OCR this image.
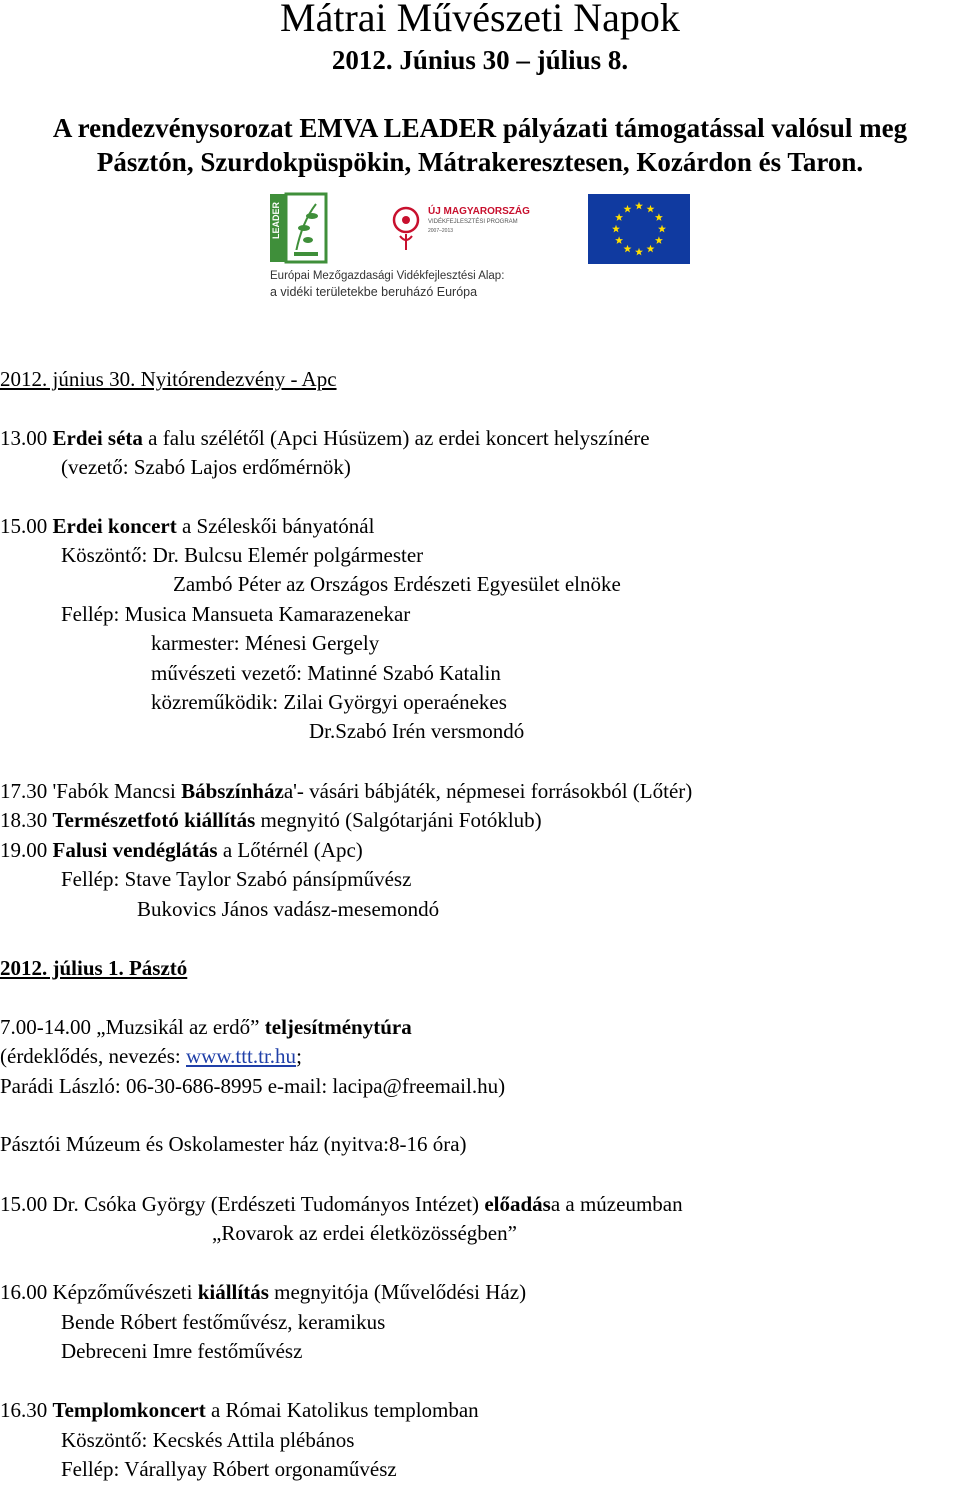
Mátrai Művészeti Napok
2012. Június 30 – július 8.
A rendezvénysorozat EMVA LEADER pályázati támogatással valósul meg
Pásztón, Szurdokpüspökin, Mátrakeresztesen, Kozárdon és Taron.
LEADER	ÚJ MAGYARORSZÁG
VIDÉKFEJLESZTÉSI PROGRAM
2007–2013
Európai Mezőgazdasági Vidékfejlesztési Alap:
a vidéki területekbe beruházó Európa
2012. június 30. Nyitórendezvény - Apc
13.00 Erdei séta a falu szélétől (Apci Húsüzem) az erdei koncert helyszínére
(vezető: Szabó Lajos erdőmérnök)
15.00 Erdei koncert a Széleskői bányatónál
Köszöntő: Dr. Bulcsu Elemér polgármester
Zambó Péter az Országos Erdészeti Egyesület elnöke
Fellép: Musica Mansueta Kamarazenekar
karmester: Ménesi Gergely
művészeti vezető: Matinné Szabó Katalin
közreműködik: Zilai Györgyi operaénekes
Dr.Szabó Irén versmondó
17.30 'Fabók Mancsi Bábszínháza'- vásári bábjáték, népmesei forrásokból (Lőtér)
18.30 Természetfotó kiállítás megnyitó (Salgótarjáni Fotóklub)
19.00 Falusi vendéglátás a Lőtérnél (Apc)
Fellép: Stave Taylor Szabó pánsípművész
Bukovics János vadász-mesemondó
2012. július 1. Pásztó
7.00-14.00 „Muzsikál az erdő” teljesítménytúra
(érdeklődés, nevezés: www.ttt.tr.hu;
Parádi László: 06-30-686-8995 e-mail: lacipa@freemail.hu)
Pásztói Múzeum és Oskolamester ház (nyitva:8-16 óra)
15.00 Dr. Csóka György (Erdészeti Tudományos Intézet) előadása a múzeumban
„Rovarok az erdei életközösségben”
16.00 Képzőművészeti kiállítás megnyitója (Művelődési Ház)
Bende Róbert festőművész, keramikus
Debreceni Imre festőművész
16.30 Templomkoncert a Római Katolikus templomban
Köszöntő: Kecskés Attila plébános
Fellép: Várallyay Róbert orgonaművész
